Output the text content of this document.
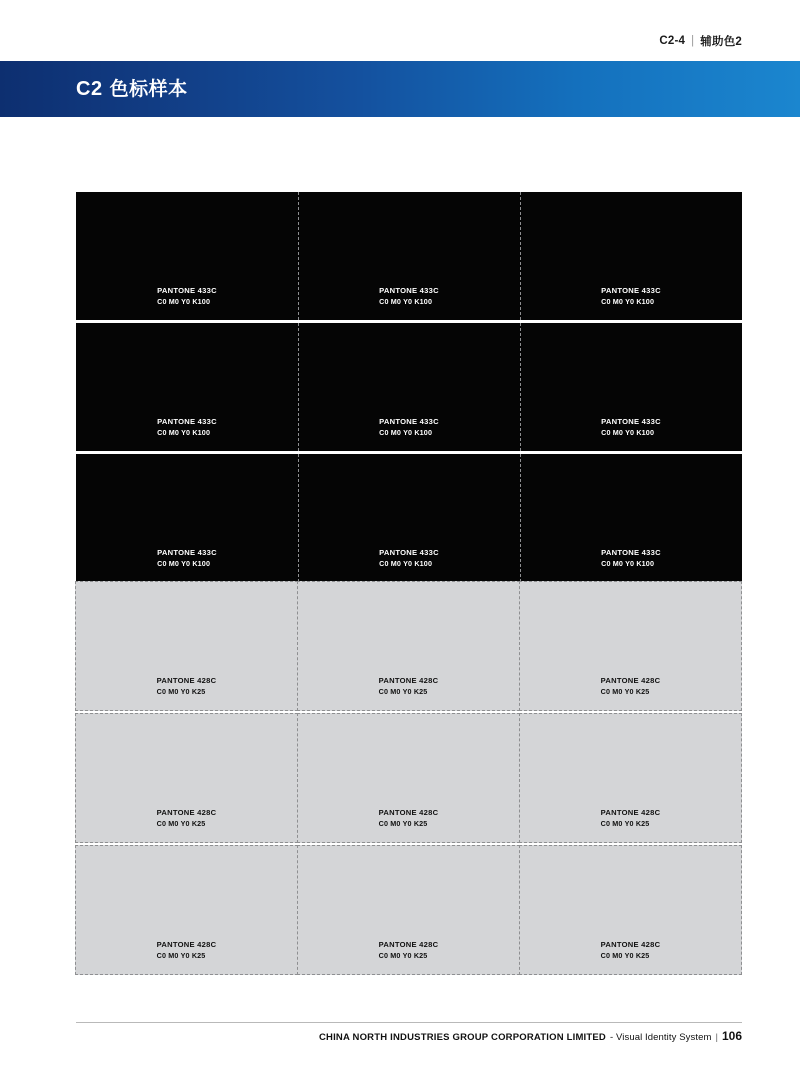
C2-4 | 辅助色2
C2 色标样本
PANTONE 433C
C0 M0 Y0 K100
PANTONE 433C
C0 M0 Y0 K100
PANTONE 433C
C0 M0 Y0 K100
PANTONE 433C
C0 M0 Y0 K100
PANTONE 433C
C0 M0 Y0 K100
PANTONE 433C
C0 M0 Y0 K100
PANTONE 433C
C0 M0 Y0 K100
PANTONE 433C
C0 M0 Y0 K100
PANTONE 433C
C0 M0 Y0 K100
PANTONE 428C
C0 M0 Y0 K25
PANTONE 428C
C0 M0 Y0 K25
PANTONE 428C
C0 M0 Y0 K25
PANTONE 428C
C0 M0 Y0 K25
PANTONE 428C
C0 M0 Y0 K25
PANTONE 428C
C0 M0 Y0 K25
PANTONE 428C
C0 M0 Y0 K25
PANTONE 428C
C0 M0 Y0 K25
PANTONE 428C
C0 M0 Y0 K25
CHINA NORTH INDUSTRIES GROUP CORPORATION LIMITED - Visual Identity System | 106
